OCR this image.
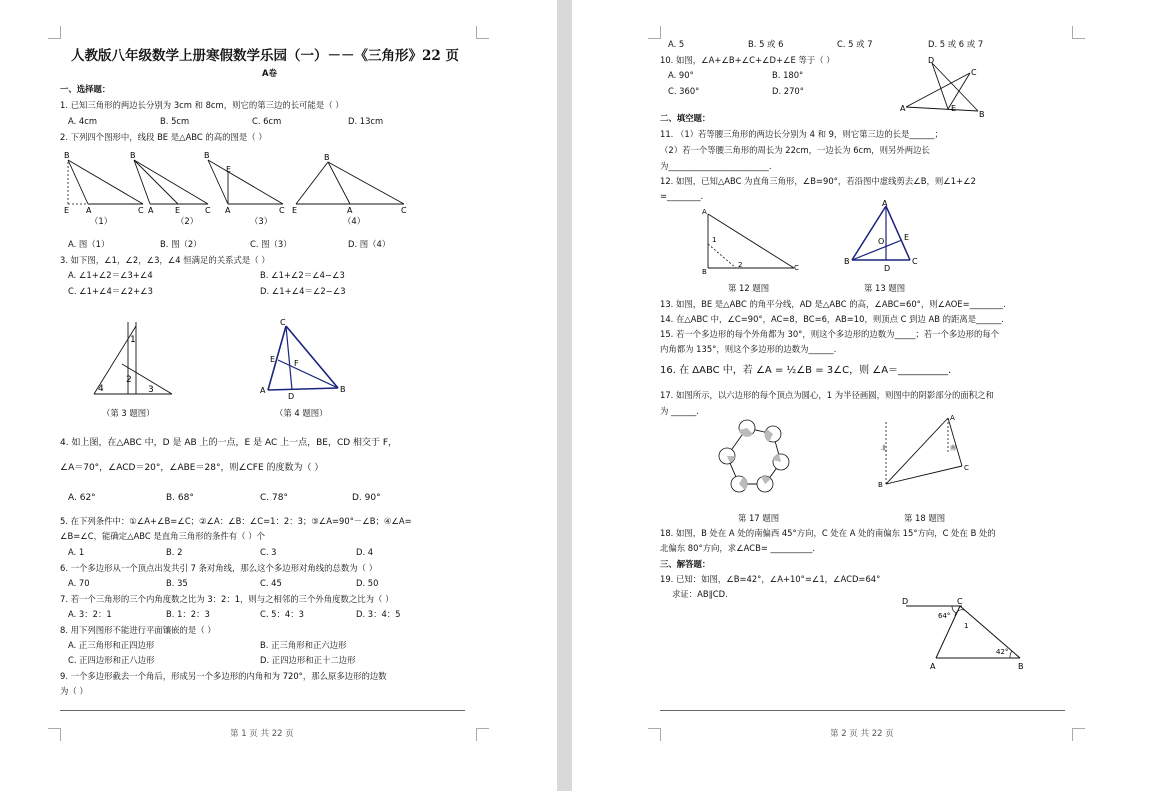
人教版八年级数学上册寒假数学乐园（一）－－《三角形》22 页
A卷
一、选择题：
1. 已知三角形的两边长分别为 3cm 和 8cm，则它的第三边的长可能是（ ）
A. 4cm	B. 5cm	C. 6cm	D. 13cm
2. 下列四个图形中，线段 BE 是△ABC 的高的图是（ ）
B
E A	C
B
A	E	C
B
E
A	C
B
E	A	C
（1）	（2）	（3）	（4）
A. 图（1）	B. 图（2）	C. 图（3）	D. 图（4）
3. 如下图，∠1，∠2，∠3，∠4 恒满足的关系式是（ ）
A. ∠1+∠2＝∠3+∠4	B. ∠1+∠2＝∠4−∠3
C. ∠1+∠4＝∠2+∠3	D. ∠1+∠4＝∠2−∠3
1
2
3
4
（第 3 题图）
C
E F
A
D
B
（第 4 题图）
4. 如上图，在△ABC 中，D 是 AB 上的一点，E 是 AC 上一点，BE，CD 相交于 F，
∠A＝70°，∠ACD＝20°，∠ABE＝28°，则∠CFE 的度数为（ ）
A. 62°	B. 68°	C. 78°	D. 90°
5. 在下列条件中：①∠A+∠B=∠C；②∠A：∠B：∠C=1：2：3；③∠A=90°－∠B；④∠A=
∠B=∠C，能确定△ABC 是直角三角形的条件有（ ）个
A. 1	B. 2	C. 3	D. 4
6. 一个多边形从一个顶点出发共引 7 条对角线，那么这个多边形对角线的总数为（ ）
A. 70	B. 35	C. 45	D. 50
7. 若一个三角形的三个内角度数之比为 3：2：1，则与之相邻的三个外角度数之比为（ ）
A. 3：2：1	B. 1：2：3	C. 5：4：3	D. 3：4：5
8. 用下列图形不能进行平面镶嵌的是（ ）
A. 正三角形和正四边形	B. 正三角形和正六边形
C. 正四边形和正八边形	D. 正四边形和正十二边形
9. 一个多边形截去一个角后，形成另一个多边形的内角和为 720°，那么原多边形的边数
为（ ）
第 1 页 共 22 页
A. 5	B. 5 或 6	C. 5 或 7	D. 5 或 6 或 7
10. 如图，∠A+∠B+∠C+∠D+∠E 等于（ ）
A. 90°	B. 180°
C. 360°	D. 270°
D
C
A	E
B
二、填空题：
11. （1）若等腰三角形的两边长分别为 4 和 9，则它第三边的长是______；
（2）若一个等腰三角形的周长为 22cm，一边长为 6cm，则另外两边长
为________________________.
12. 如图，已知△ABC 为直角三角形，∠B=90°，若沿图中虚线剪去∠B，则∠1+∠2
=________.
A
B	C
1
2
第 12 题图
A
O E
B
D
C
第 13 题图
13. 如图，BE 是△ABC 的角平分线，AD 是△ABC 的高，∠ABC=60°，则∠AOE=________.
14. 在△ABC 中，∠C=90°，AC=8，BC=6，AB=10，则顶点 C 到边 AB 的距离是______.
15. 若一个多边形的每个外角都为 30°，则这个多边形的边数为_____；若一个多边形的每个
内角都为 135°，则这个多边形的边数为______.
16. 在 ΔABC 中，若 ∠A = ½∠B = 3∠C，则 ∠A＝__________.
17. 如图所示，以六边形的每个顶点为圆心，1 为半径画圆，则图中的阴影部分的面积之和
为 ______.
第 17 题图
A
B
C
北	南
第 18 题图
18. 如图，B 处在 A 处的南偏西 45°方向，C 处在 A 处的南偏东 15°方向，C 处在 B 处的
北偏东 80°方向，求∠ACB= __________.
三、解答题：
19. 已知：如图，∠B=42°，∠A+10°=∠1，∠ACD=64°
求证：AB∥CD.
D	C
64°
1
42°
A	B
第 2 页 共 22 页
